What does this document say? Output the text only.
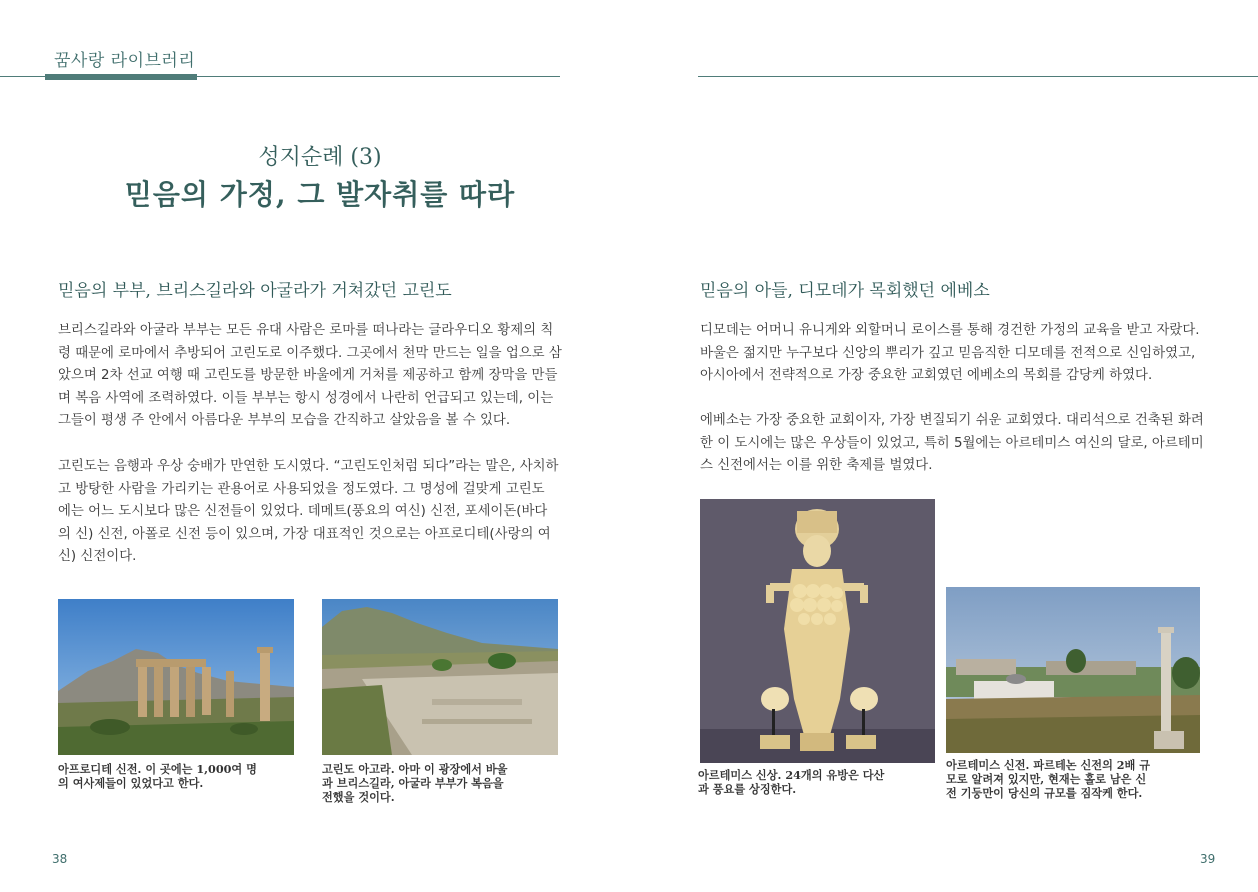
꿈사랑 라이브러리
성지순례 (3)
믿음의 가정, 그 발자취를 따라
믿음의 부부, 브리스길라와 아굴라가 거쳐갔던 고린도
브리스길라와 아굴라 부부는 모든 유대 사람은 로마를 떠나라는 글라우디오 황제의 칙
령 때문에 로마에서 추방되어 고린도로 이주했다. 그곳에서 천막 만드는 일을 업으로 삼
았으며 2차 선교 여행 때 고린도를 방문한 바울에게 거처를 제공하고 함께 장막을 만들
며 복음 사역에 조력하였다. 이들 부부는 항시 성경에서 나란히 언급되고 있는데, 이는
그들이 평생 주 안에서 아름다운 부부의 모습을 간직하고 살았음을 볼 수 있다.
고린도는 음행과 우상 숭배가 만연한 도시였다. “고린도인처럼 되다”라는 말은, 사치하
고 방탕한 사람을 가리키는 관용어로 사용되었을 정도였다. 그 명성에 걸맞게 고린도
에는 어느 도시보다 많은 신전들이 있었다. 데메트(풍요의 여신) 신전, 포세이돈(바다
의 신) 신전, 아폴로 신전 등이 있으며, 가장 대표적인 것으로는 아프로디테(사랑의 여
신) 신전이다.
아프로디테 신전. 이 곳에는 1,000여 명
의 여사제들이 있었다고 한다.
고린도 아고라. 아마 이 광장에서 바울
과 브리스길라, 아굴라 부부가 복음을
전했을 것이다.
38
믿음의 아들, 디모데가 목회했던 에베소
디모데는 어머니 유니게와 외할머니 로이스를 통해 경건한 가정의 교육을 받고 자랐다.
바울은 젊지만 누구보다 신앙의 뿌리가 깊고 믿음직한 디모데를 전적으로 신임하였고,
아시아에서 전략적으로 가장 중요한 교회였던 에베소의 목회를 감당케 하였다.
에베소는 가장 중요한 교회이자, 가장 변질되기 쉬운 교회였다. 대리석으로 건축된 화려
한 이 도시에는 많은 우상들이 있었고, 특히 5월에는 아르테미스 여신의 달로, 아르테미
스 신전에서는 이를 위한 축제를 벌였다.
아르테미스 신상. 24개의 유방은 다산
과 풍요를 상징한다.
아르테미스 신전. 파르테논 신전의 2배 규
모로 알려져 있지만, 현재는 홀로 남은 신
전 기둥만이 당신의 규모를 짐작케 한다.
39
